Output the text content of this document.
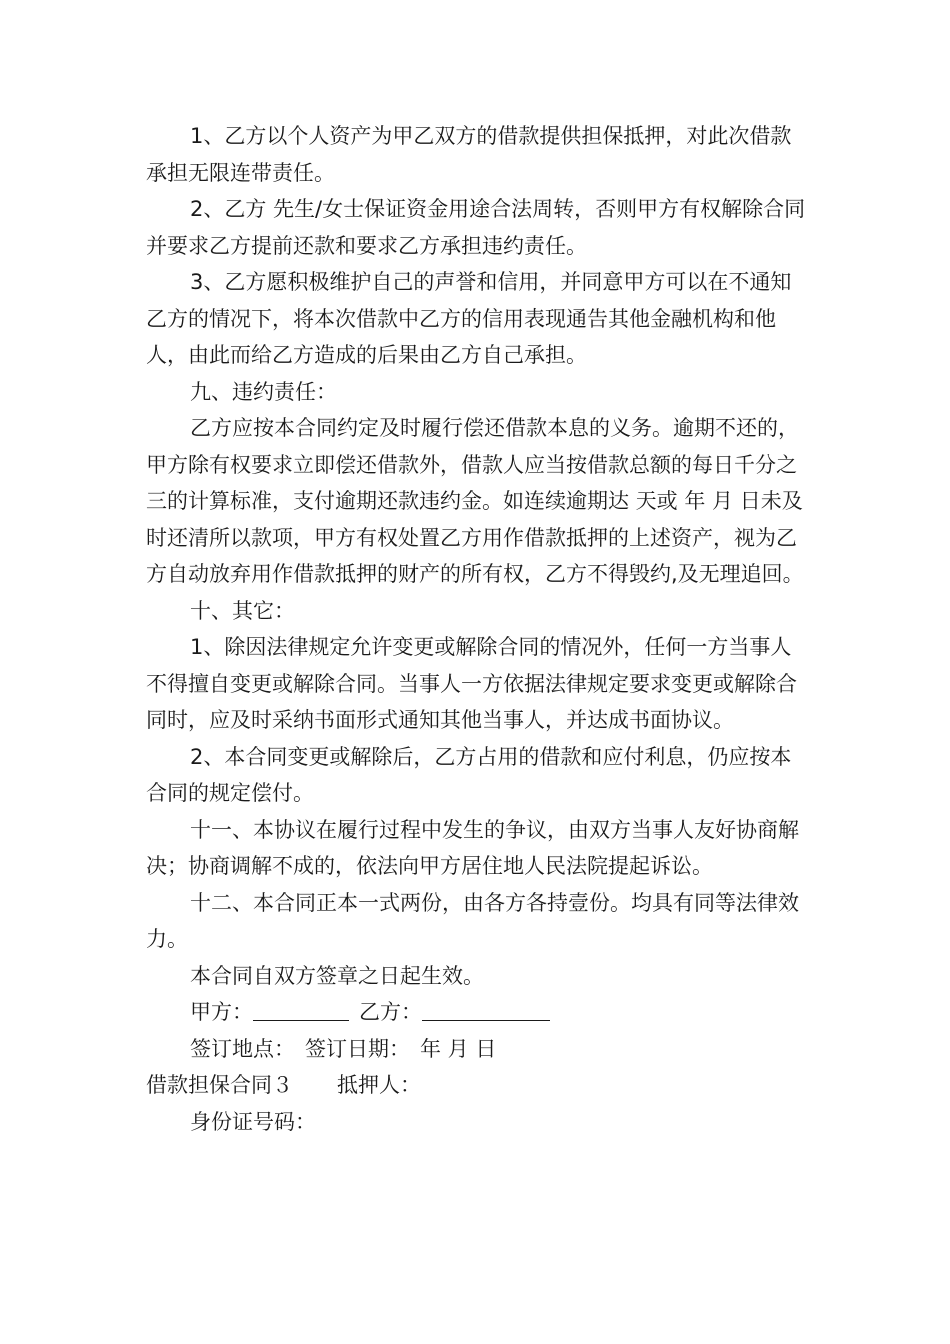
1、乙方以个人资产为甲乙双方的借款提供担保抵押，对此次借款承担无限连带责任。

2、乙方 先生/女士保证资金用途合法周转，否则甲方有权解除合同并要求乙方提前还款和要求乙方承担违约责任。

3、乙方愿积极维护自己的声誉和信用，并同意甲方可以在不通知乙方的情况下，将本次借款中乙方的信用表现通告其他金融机构和他人，由此而给乙方造成的后果由乙方自己承担。

九、违约责任：

乙方应按本合同约定及时履行偿还借款本息的义务。逾期不还的，甲方除有权要求立即偿还借款外，借款人应当按借款总额的每日千分之三的计算标准，支付逾期还款违约金。如连续逾期达 天或 年 月 日未及时还清所以款项，甲方有权处置乙方用作借款抵押的上述资产，视为乙方自动放弃用作借款抵押的财产的所有权，乙方不得毁约,及无理追回。

十、其它：

1、除因法律规定允许变更或解除合同的情况外，任何一方当事人不得擅自变更或解除合同。当事人一方依据法律规定要求变更或解除合同时，应及时采纳书面形式通知其他当事人，并达成书面协议。

2、本合同变更或解除后，乙方占用的借款和应付利息，仍应按本合同的规定偿付。

十一、本协议在履行过程中发生的争议，由双方当事人友好协商解决；协商调解不成的，依法向甲方居住地人民法院提起诉讼。

十二、本合同正本一式两份，由各方各持壹份。均具有同等法律效力。

本合同自双方签章之日起生效。

甲方：	乙方：
签订地点： 签订日期： 年 月 日
借款担保合同３ 抵押人：
身份证号码：
